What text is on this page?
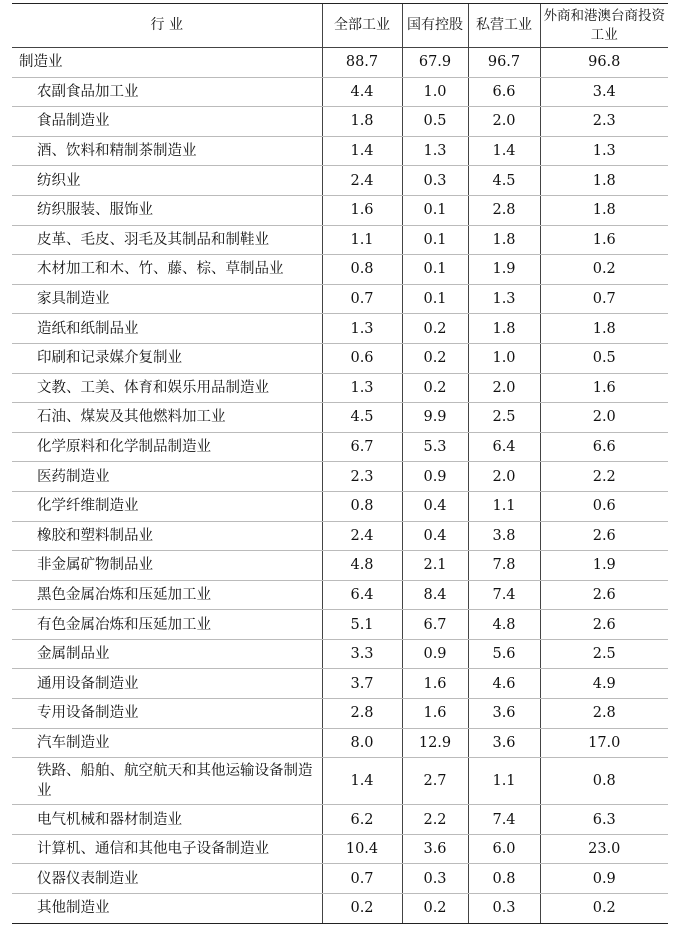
行 业	全部工业	国有控股	私营工业	外商和港澳台商投资工业
制造业	88.7	67.9	96.7	96.8
农副食品加工业	4.4	1.0	6.6	3.4
食品制造业	1.8	0.5	2.0	2.3
酒、饮料和精制茶制造业	1.4	1.3	1.4	1.3
纺织业	2.4	0.3	4.5	1.8
纺织服装、服饰业	1.6	0.1	2.8	1.8
皮革、毛皮、羽毛及其制品和制鞋业	1.1	0.1	1.8	1.6
木材加工和木、竹、藤、棕、草制品业	0.8	0.1	1.9	0.2
家具制造业	0.7	0.1	1.3	0.7
造纸和纸制品业	1.3	0.2	1.8	1.8
印刷和记录媒介复制业	0.6	0.2	1.0	0.5
文教、工美、体育和娱乐用品制造业	1.3	0.2	2.0	1.6
石油、煤炭及其他燃料加工业	4.5	9.9	2.5	2.0
化学原料和化学制品制造业	6.7	5.3	6.4	6.6
医药制造业	2.3	0.9	2.0	2.2
化学纤维制造业	0.8	0.4	1.1	0.6
橡胶和塑料制品业	2.4	0.4	3.8	2.6
非金属矿物制品业	4.8	2.1	7.8	1.9
黑色金属冶炼和压延加工业	6.4	8.4	7.4	2.6
有色金属冶炼和压延加工业	5.1	6.7	4.8	2.6
金属制品业	3.3	0.9	5.6	2.5
通用设备制造业	3.7	1.6	4.6	4.9
专用设备制造业	2.8	1.6	3.6	2.8
汽车制造业	8.0	12.9	3.6	17.0
铁路、船舶、航空航天和其他运输设备制造业	1.4	2.7	1.1	0.8
电气机械和器材制造业	6.2	2.2	7.4	6.3
计算机、通信和其他电子设备制造业	10.4	3.6	6.0	23.0
仪器仪表制造业	0.7	0.3	0.8	0.9
其他制造业	0.2	0.2	0.3	0.2
